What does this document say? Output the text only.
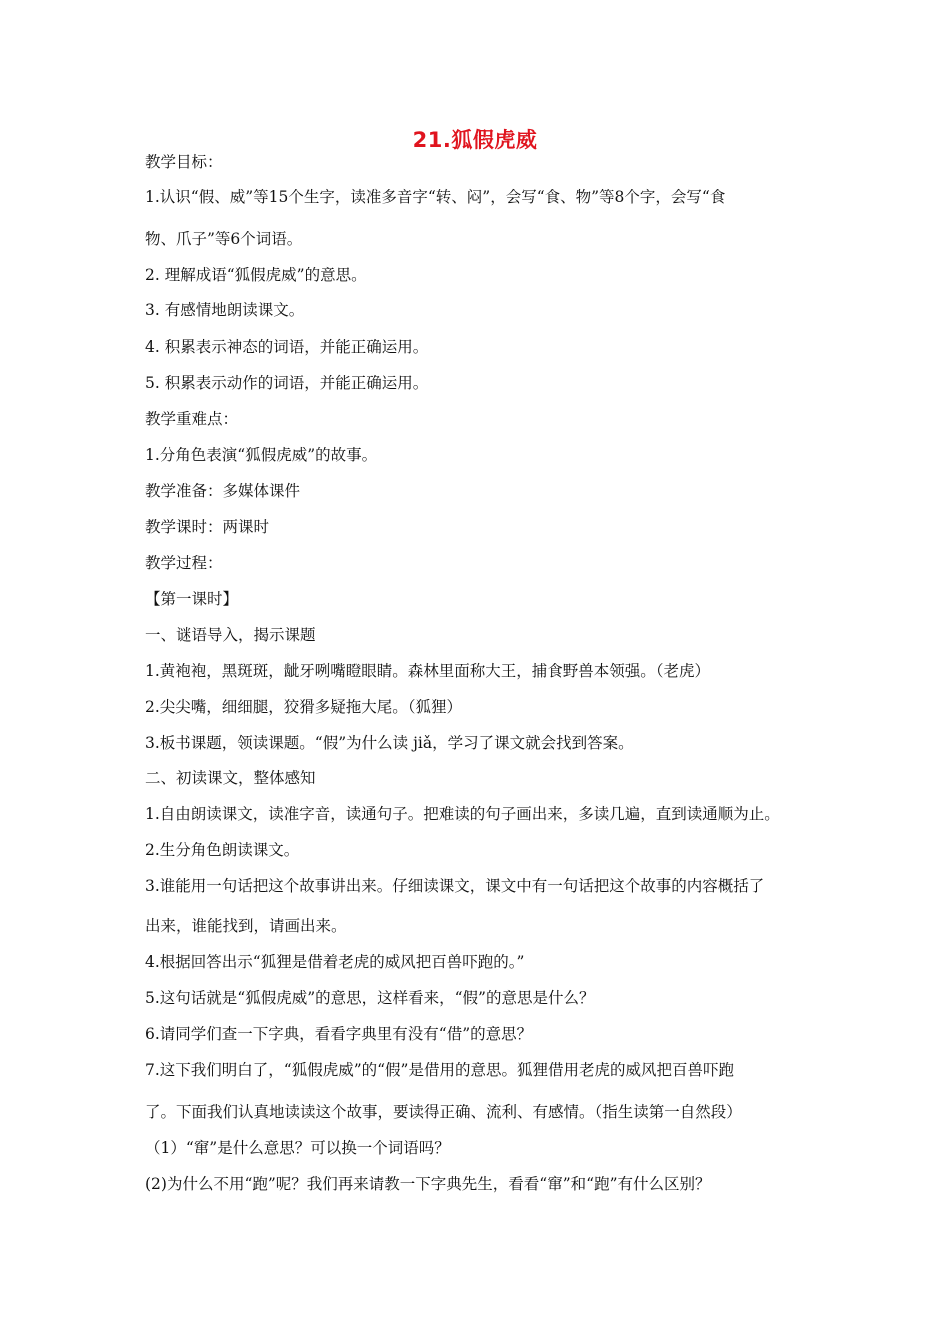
21.狐假虎威
教学目标：
1.认识“假、威”等15个生字，读准多音字“转、闷”，会写“食、物”等8个字，会写“食
物、爪子”等6个词语。
2. 理解成语“狐假虎威”的意思。
3. 有感情地朗读课文。
4. 积累表示神态的词语，并能正确运用。
5. 积累表示动作的词语，并能正确运用。
教学重难点：
1.分角色表演“狐假虎威”的故事。
教学准备：多媒体课件
教学课时：两课时
教学过程：
【第一课时】
一、谜语导入，揭示课题
1.黄袍袍，黑斑斑，龇牙咧嘴瞪眼睛。森林里面称大王，捕食野兽本领强。（老虎）
2.尖尖嘴，细细腿，狡猾多疑拖大尾。（狐狸）
3.板书课题，领读课题。“假”为什么读 jiǎ，学习了课文就会找到答案。
二、初读课文，整体感知
1.自由朗读课文，读准字音，读通句子。把难读的句子画出来，多读几遍，直到读通顺为止。
2.生分角色朗读课文。
3.谁能用一句话把这个故事讲出来。仔细读课文，课文中有一句话把这个故事的内容概括了
出来，谁能找到，请画出来。
4.根据回答出示“狐狸是借着老虎的威风把百兽吓跑的。”
5.这句话就是“狐假虎威”的意思，这样看来，“假”的意思是什么？
6.请同学们查一下字典，看看字典里有没有“借”的意思？
7.这下我们明白了，“狐假虎威”的“假”是借用的意思。狐狸借用老虎的威风把百兽吓跑
了。下面我们认真地读读这个故事，要读得正确、流利、有感情。（指生读第一自然段）
（1）“窜”是什么意思？可以换一个词语吗？
(2)为什么不用“跑”呢？我们再来请教一下字典先生，看看“窜”和“跑”有什么区别？
